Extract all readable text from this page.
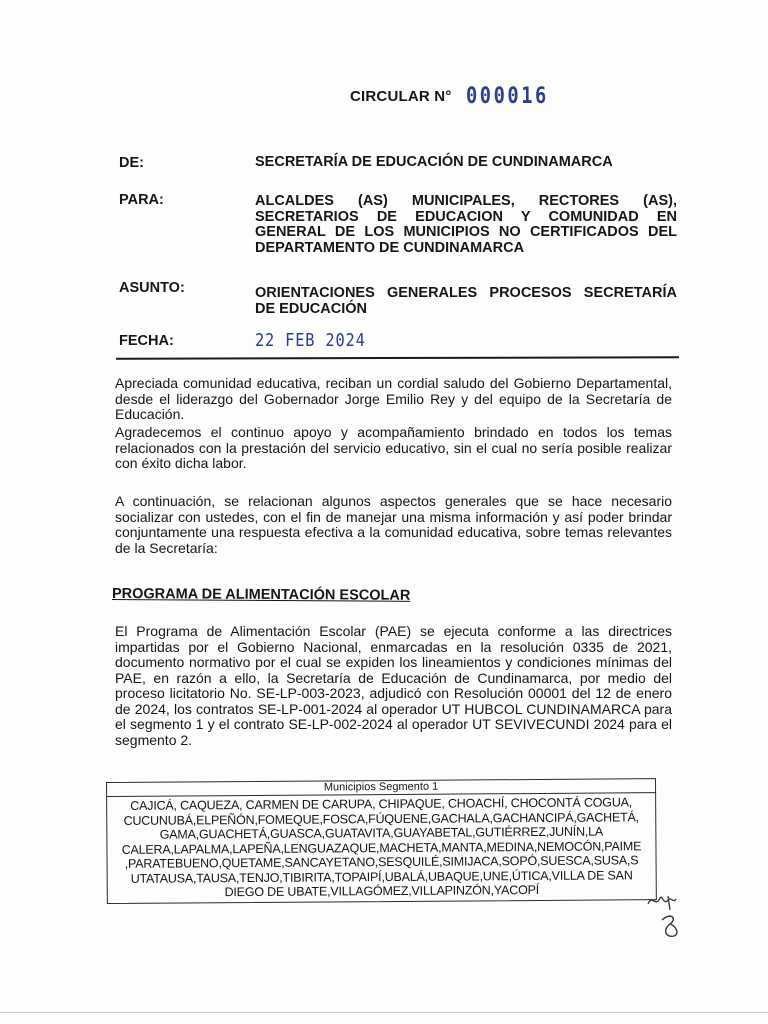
CIRCULAR N° 000016
DE:	SECRETARÍA DE EDUCACIÓN DE CUNDINAMARCA
PARA:	ALCALDES (AS) MUNICIPALES, RECTORES (AS),
SECRETARIOS DE EDUCACION Y COMUNIDAD EN
GENERAL DE LOS MUNICIPIOS NO CERTIFICADOS DEL
DEPARTAMENTO DE CUNDINAMARCA
ASUNTO:	ORIENTACIONES GENERALES PROCESOS SECRETARÍA
DE EDUCACIÓN
FECHA:	22 FEB 2024
Apreciada comunidad educativa, reciban un cordial saludo del Gobierno Departamental, desde el liderazgo del Gobernador Jorge Emilio Rey y del equipo de la Secretaría de Educación.
Agradecemos el continuo apoyo y acompañamiento brindado en todos los temas relacionados con la prestación del servicio educativo, sin el cual no sería posible realizar con éxito dicha labor.
A continuación, se relacionan algunos aspectos generales que se hace necesario socializar con ustedes, con el fin de manejar una misma información y así poder brindar conjuntamente una respuesta efectiva a la comunidad educativa, sobre temas relevantes de la Secretaría:
PROGRAMA DE ALIMENTACIÓN ESCOLAR
El Programa de Alimentación Escolar (PAE) se ejecuta conforme a las directrices impartidas por el Gobierno Nacional, enmarcadas en la resolución 0335 de 2021, documento normativo por el cual se expiden los lineamientos y condiciones mínimas del PAE, en razón a ello, la Secretaría de Educación de Cundinamarca, por medio del proceso licitatorio No. SE-LP-003-2023, adjudicó con Resolución 00001 del 12 de enero de 2024, los contratos SE-LP-001-2024 al operador UT HUBCOL CUNDINAMARCA para el segmento 1 y el contrato SE-LP-002-2024 al operador UT SEVIVECUNDI 2024 para el segmento 2.
Municipios Segmento 1
CAJICÁ, CAQUEZA, CARMEN DE CARUPA, CHIPAQUE, CHOACHÍ, CHOCONTÁ COGUA, CUCUNUBÁ,ELPEÑÓN,FOMEQUE,FOSCA,FÚQUENE,GACHALA,GACHANCIPÁ,GACHETÁ, GAMA,GUACHETÁ,GUASCA,GUATAVITA,GUAYABETAL,GUTIÉRREZ,JUNÍN,LA CALERA,LAPALMA,LAPEÑA,LENGUAZAQUE,MACHETA,MANTA,MEDINA,NEMOCÓN,PAIME ,PARATEBUENO,QUETAME,SANCAYETANO,SESQUILÉ,SIMIJACA,SOPÓ,SUESCA,SUSA,S UTATAUSA,TAUSA,TENJO,TIBIRITA,TOPAIPÍ,UBALÁ,UBAQUE,UNE,ÚTICA,VILLA DE SAN DIEGO DE UBATE,VILLAGÓMEZ,VILLAPINZÓN,YACOPÍ
